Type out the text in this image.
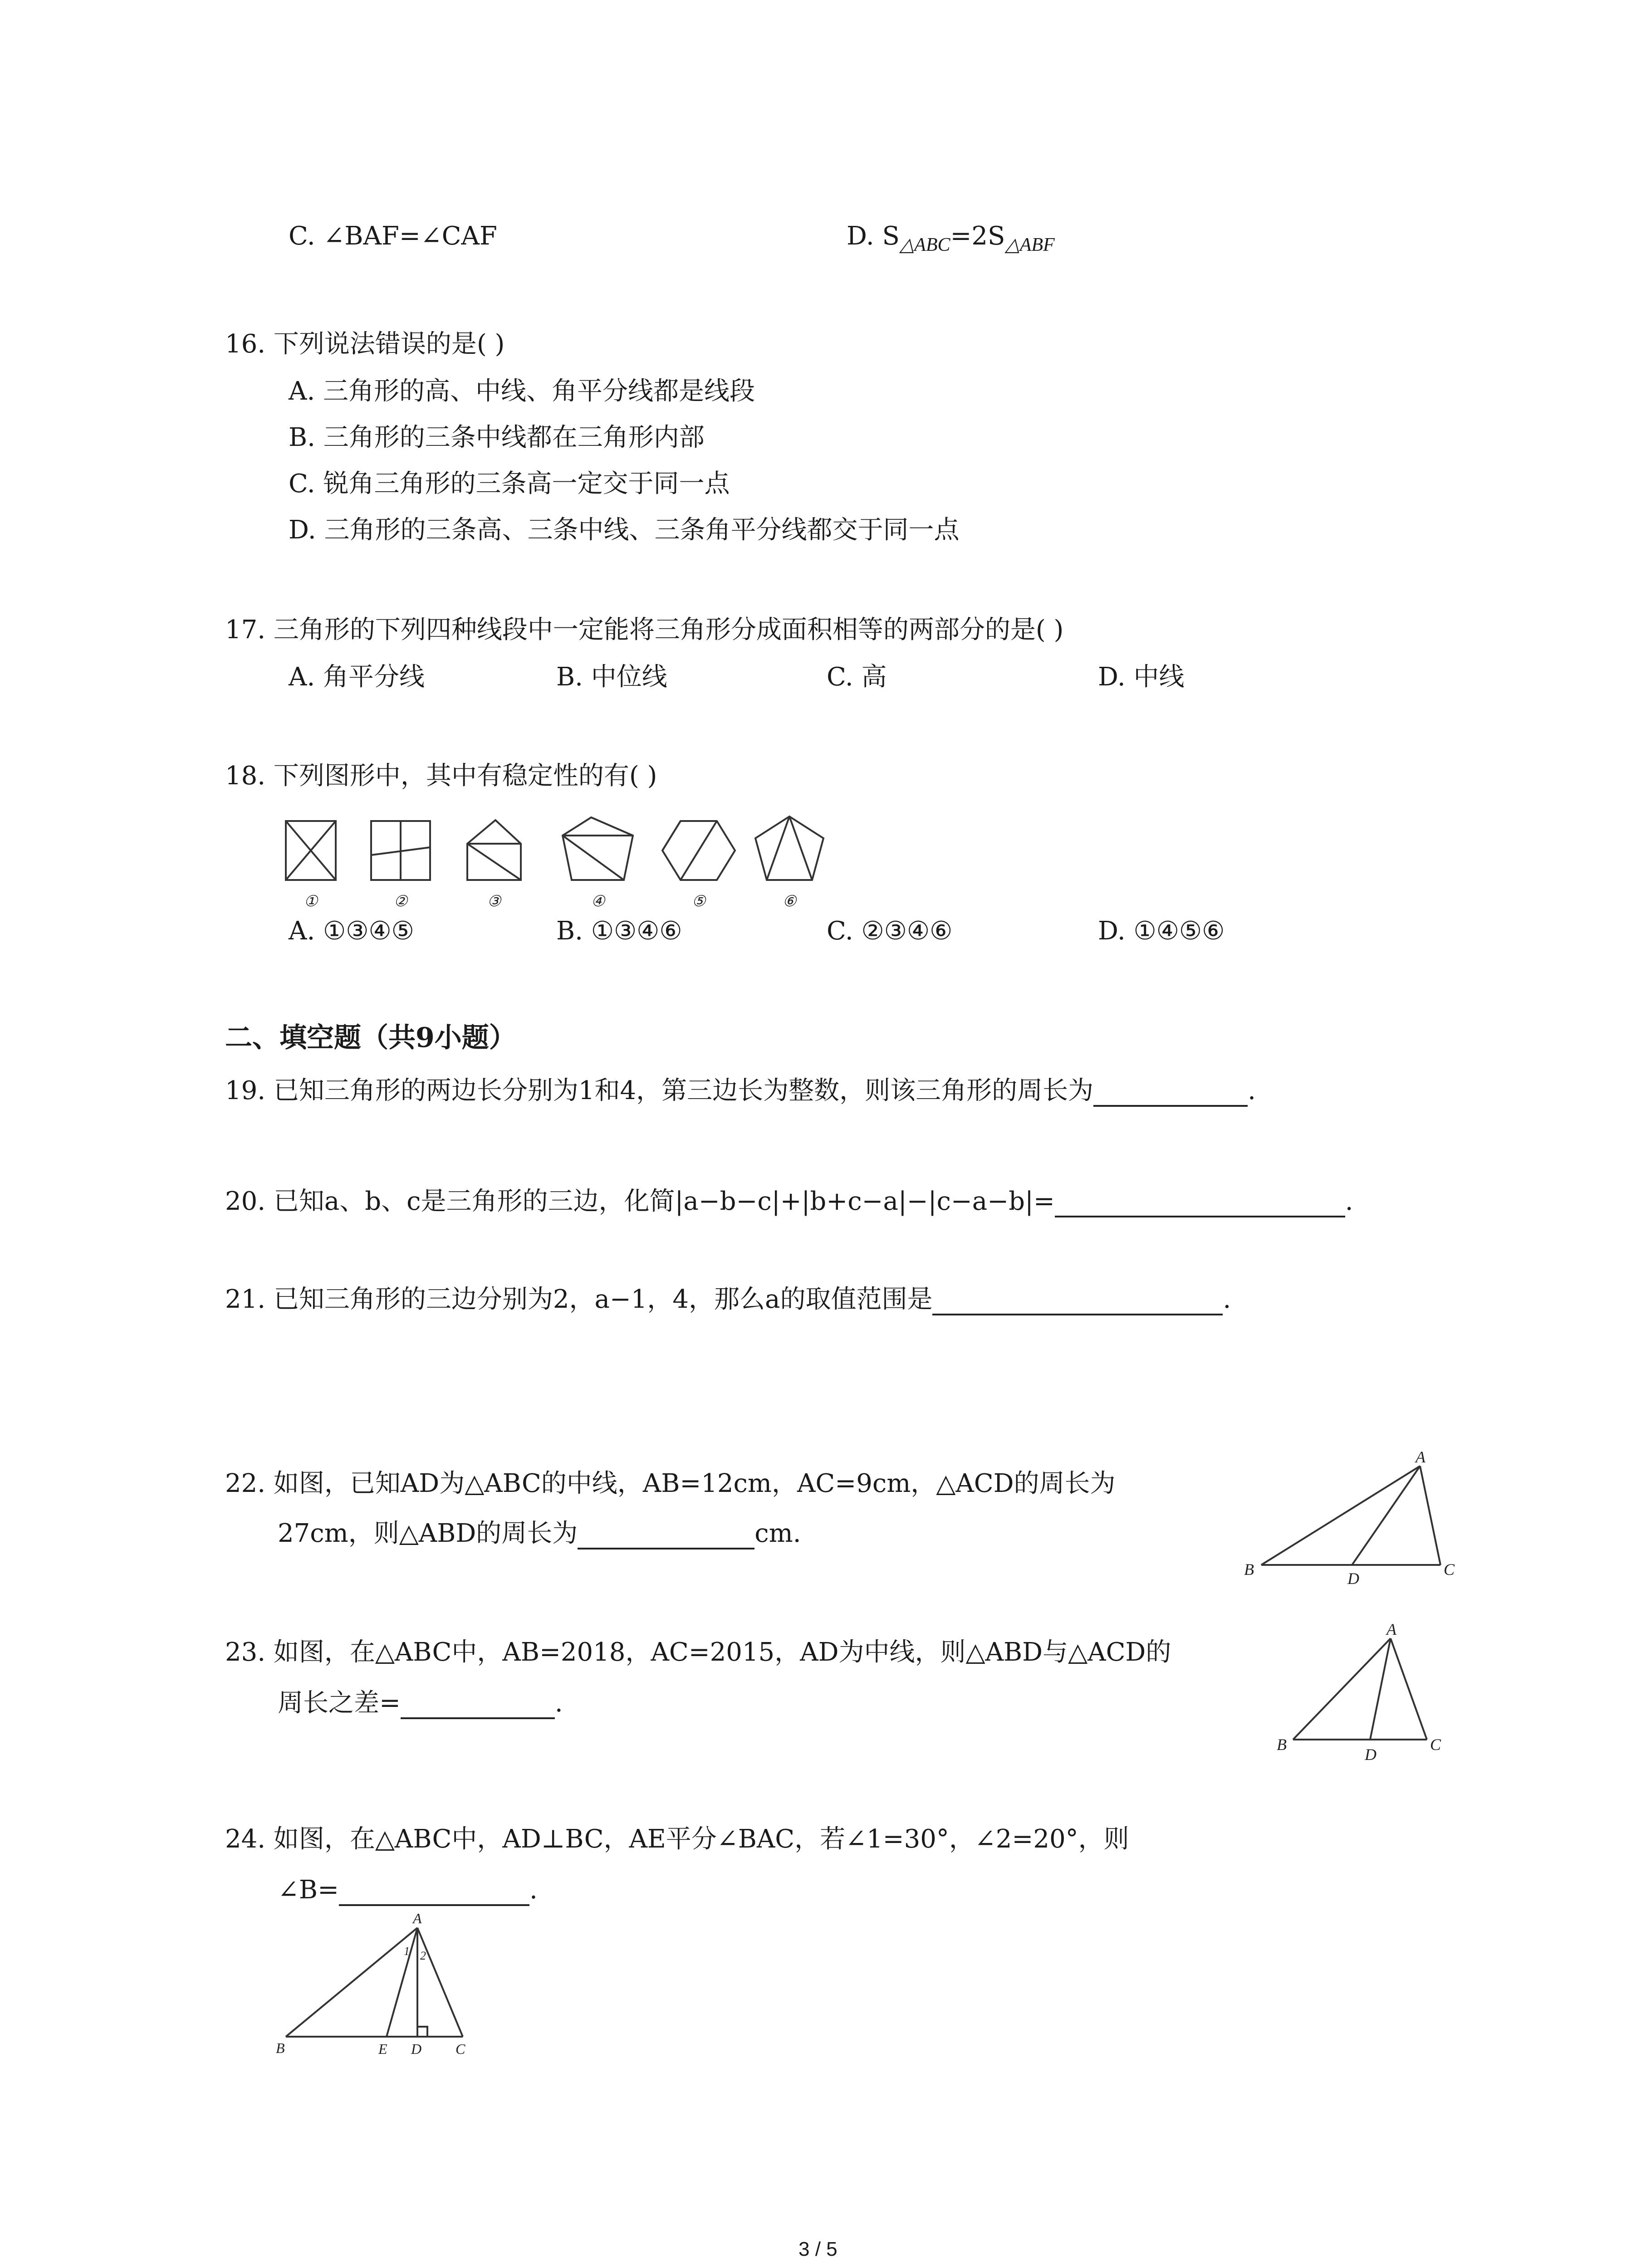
C. ∠BAF=∠CAF	D. $S_{\triangle ABC}=2S_{\triangle ABF}$
16. 下列说法错误的是( )
A. 三角形的高、中线、角平分线都是线段
B. 三角形的三条中线都在三角形内部
C. 锐角三角形的三条高一定交于同一点
D. 三角形的三条高、三条中线、三条角平分线都交于同一点
17. 三角形的下列四种线段中一定能将三角形分成面积相等的两部分的是( )
A. 角平分线	B. 中位线	C. 高	D. 中线
18. 下列图形中，其中有稳定性的有( )
①	②	③	④	⑤	⑥
A. ①③④⑤	B. ①③④⑥	C. ②③④⑥	D. ①④⑤⑥
二、填空题（共9小题）
19. 已知三角形的两边长分别为1和4，第三边长为整数，则该三角形的周长为	.
20. 已知a、b、c是三角形的三边，化简|a−b−c|+|b+c−a|−|c−a−b|=	.
21. 已知三角形的三边分别为2，a−1，4，那么a的取值范围是	.
22. 如图，已知AD为△ABC的中线，AB=12cm，AC=9cm，△ACD的周长为
27cm，则△ABD的周长为	cm.
A
B	D	C
23. 如图，在△ABC中，AB=2018，AC=2015，AD为中线，则△ABD与△ACD的
周长之差=	.
A
B
D
C
24. 如图，在△ABC中，AD⊥BC，AE平分∠BAC，若∠1=30°，∠2=20°，则
∠B=	.
A
1 2
B	E D C
3 / 5
